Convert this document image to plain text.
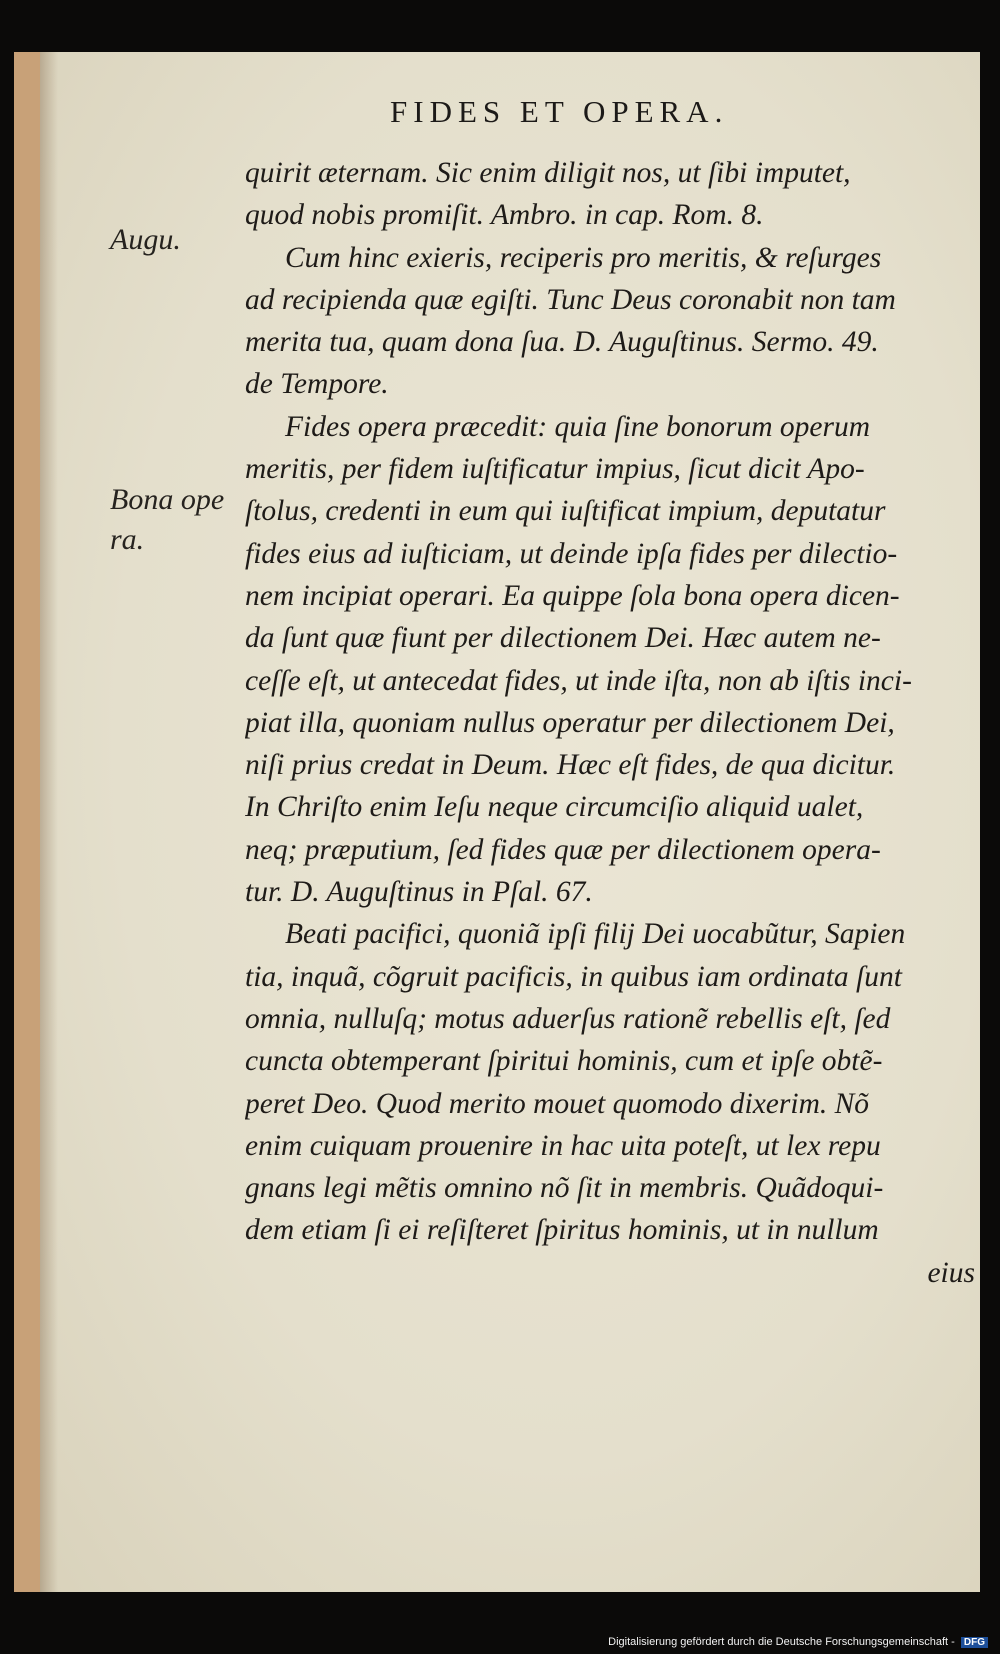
FIDES ET OPERA.
Augu.
Bona ope
ra.
quirit æternam. Sic enim diligit nos, ut ſibi imputet,
quod nobis promiſit. Ambro. in cap. Rom. 8.
Cum hinc exieris, reciperis pro meritis, & reſurges
ad recipienda quæ egiſti. Tunc Deus coronabit non tam
merita tua, quam dona ſua. D. Auguſtinus. Sermo. 49.
de Tempore.
Fides opera præcedit: quia ſine bonorum operum
meritis, per fidem iuſtificatur impius, ſicut dicit Apo-
ſtolus, credenti in eum qui iuſtificat impium, deputatur
fides eius ad iuſticiam, ut deinde ipſa fides per dilectio-
nem incipiat operari. Ea quippe ſola bona opera dicen-
da ſunt quæ fiunt per dilectionem Dei. Hæc autem ne-
ceſſe eſt, ut antecedat fides, ut inde iſta, non ab iſtis inci-
piat illa, quoniam nullus operatur per dilectionem Dei,
niſi prius credat in Deum. Hæc eſt fides, de qua dicitur.
In Chriſto enim Ieſu neque circumciſio aliquid ualet,
neq; præputium, ſed fides quæ per dilectionem opera-
tur. D. Auguſtinus in Pſal. 67.
Beati pacifici, quoniã ipſi filij Dei uocabũtur, Sapien
tia, inquã, cõgruit pacificis, in quibus iam ordinata ſunt
omnia, nulluſq; motus aduerſus rationẽ rebellis eſt, ſed
cuncta obtemperant ſpiritui hominis, cum et ipſe obtẽ-
peret Deo. Quod merito mouet quomodo dixerim. Nõ
enim cuiquam prouenire in hac uita poteſt, ut lex repu
gnans legi mẽtis omnino nõ ſit in membris. Quãdoqui-
dem etiam ſi ei reſiſteret ſpiritus hominis, ut in nullum
eius
Digitalisierung gefördert durch die Deutsche Forschungsgemeinschaft - DFG
